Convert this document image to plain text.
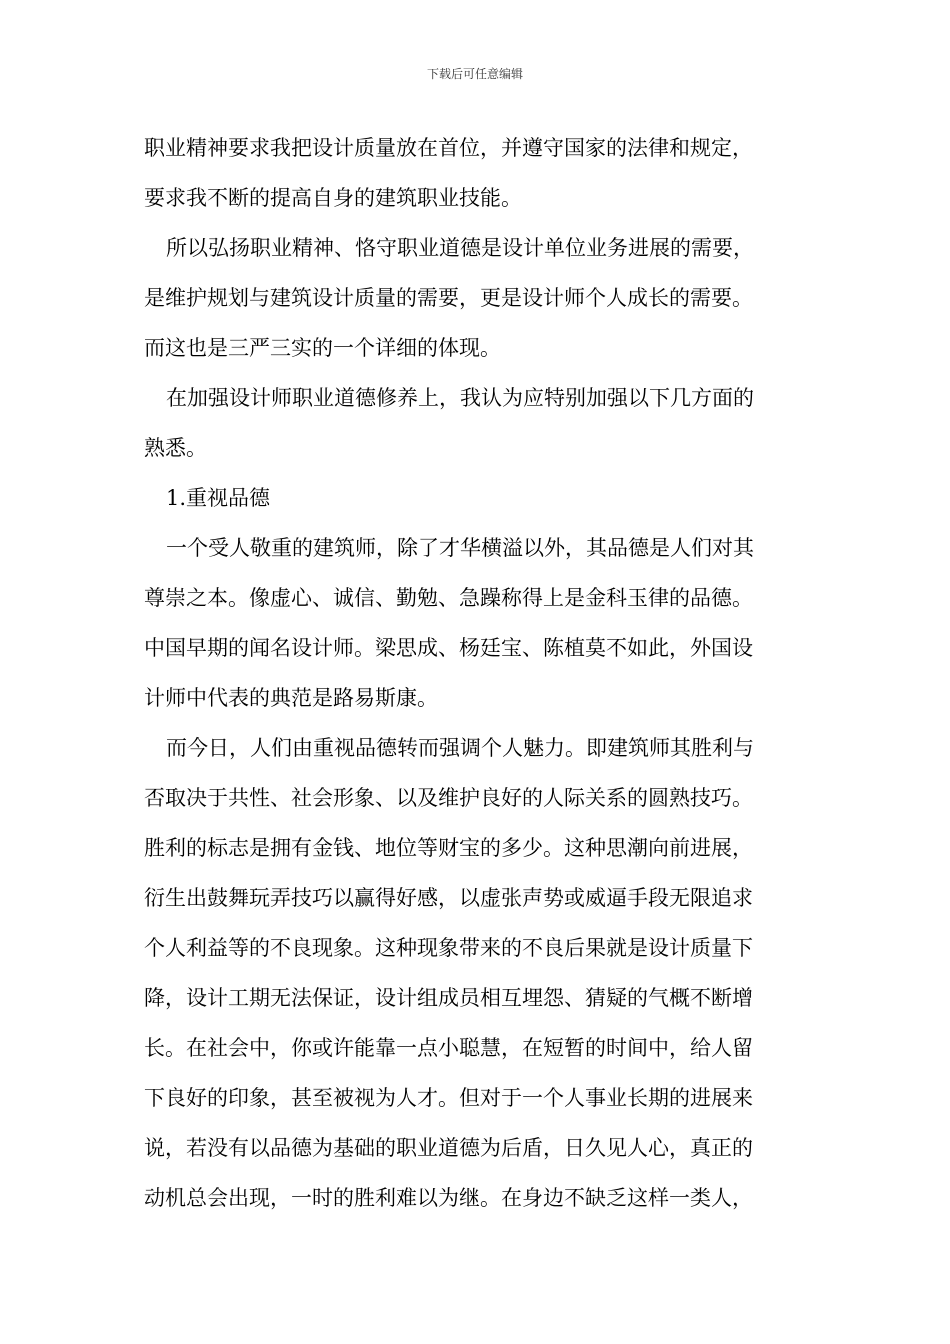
下载后可任意编辑
职业精神要求我把设计质量放在首位，并遵守国家的法律和规定，
要求我不断的提高自身的建筑职业技能。
所以弘扬职业精神、恪守职业道德是设计单位业务进展的需要，
是维护规划与建筑设计质量的需要，更是设计师个人成长的需要。
而这也是三严三实的一个详细的体现。
在加强设计师职业道德修养上，我认为应特别加强以下几方面的
熟悉。
1.重视品德
一个受人敬重的建筑师，除了才华横溢以外，其品德是人们对其
尊崇之本。像虚心、诚信、勤勉、急躁称得上是金科玉律的品德。
中国早期的闻名设计师。梁思成、杨廷宝、陈植莫不如此，外国设
计师中代表的典范是路易斯康。
而今日，人们由重视品德转而强调个人魅力。即建筑师其胜利与
否取决于共性、社会形象、以及维护良好的人际关系的圆熟技巧。
胜利的标志是拥有金钱、地位等财宝的多少。这种思潮向前进展，
衍生出鼓舞玩弄技巧以赢得好感，以虚张声势或威逼手段无限追求
个人利益等的不良现象。这种现象带来的不良后果就是设计质量下
降，设计工期无法保证，设计组成员相互埋怨、猜疑的气概不断增
长。在社会中，你或许能靠一点小聪慧，在短暂的时间中，给人留
下良好的印象，甚至被视为人才。但对于一个人事业长期的进展来
说，若没有以品德为基础的职业道德为后盾，日久见人心，真正的
动机总会出现，一时的胜利难以为继。在身边不缺乏这样一类人，
